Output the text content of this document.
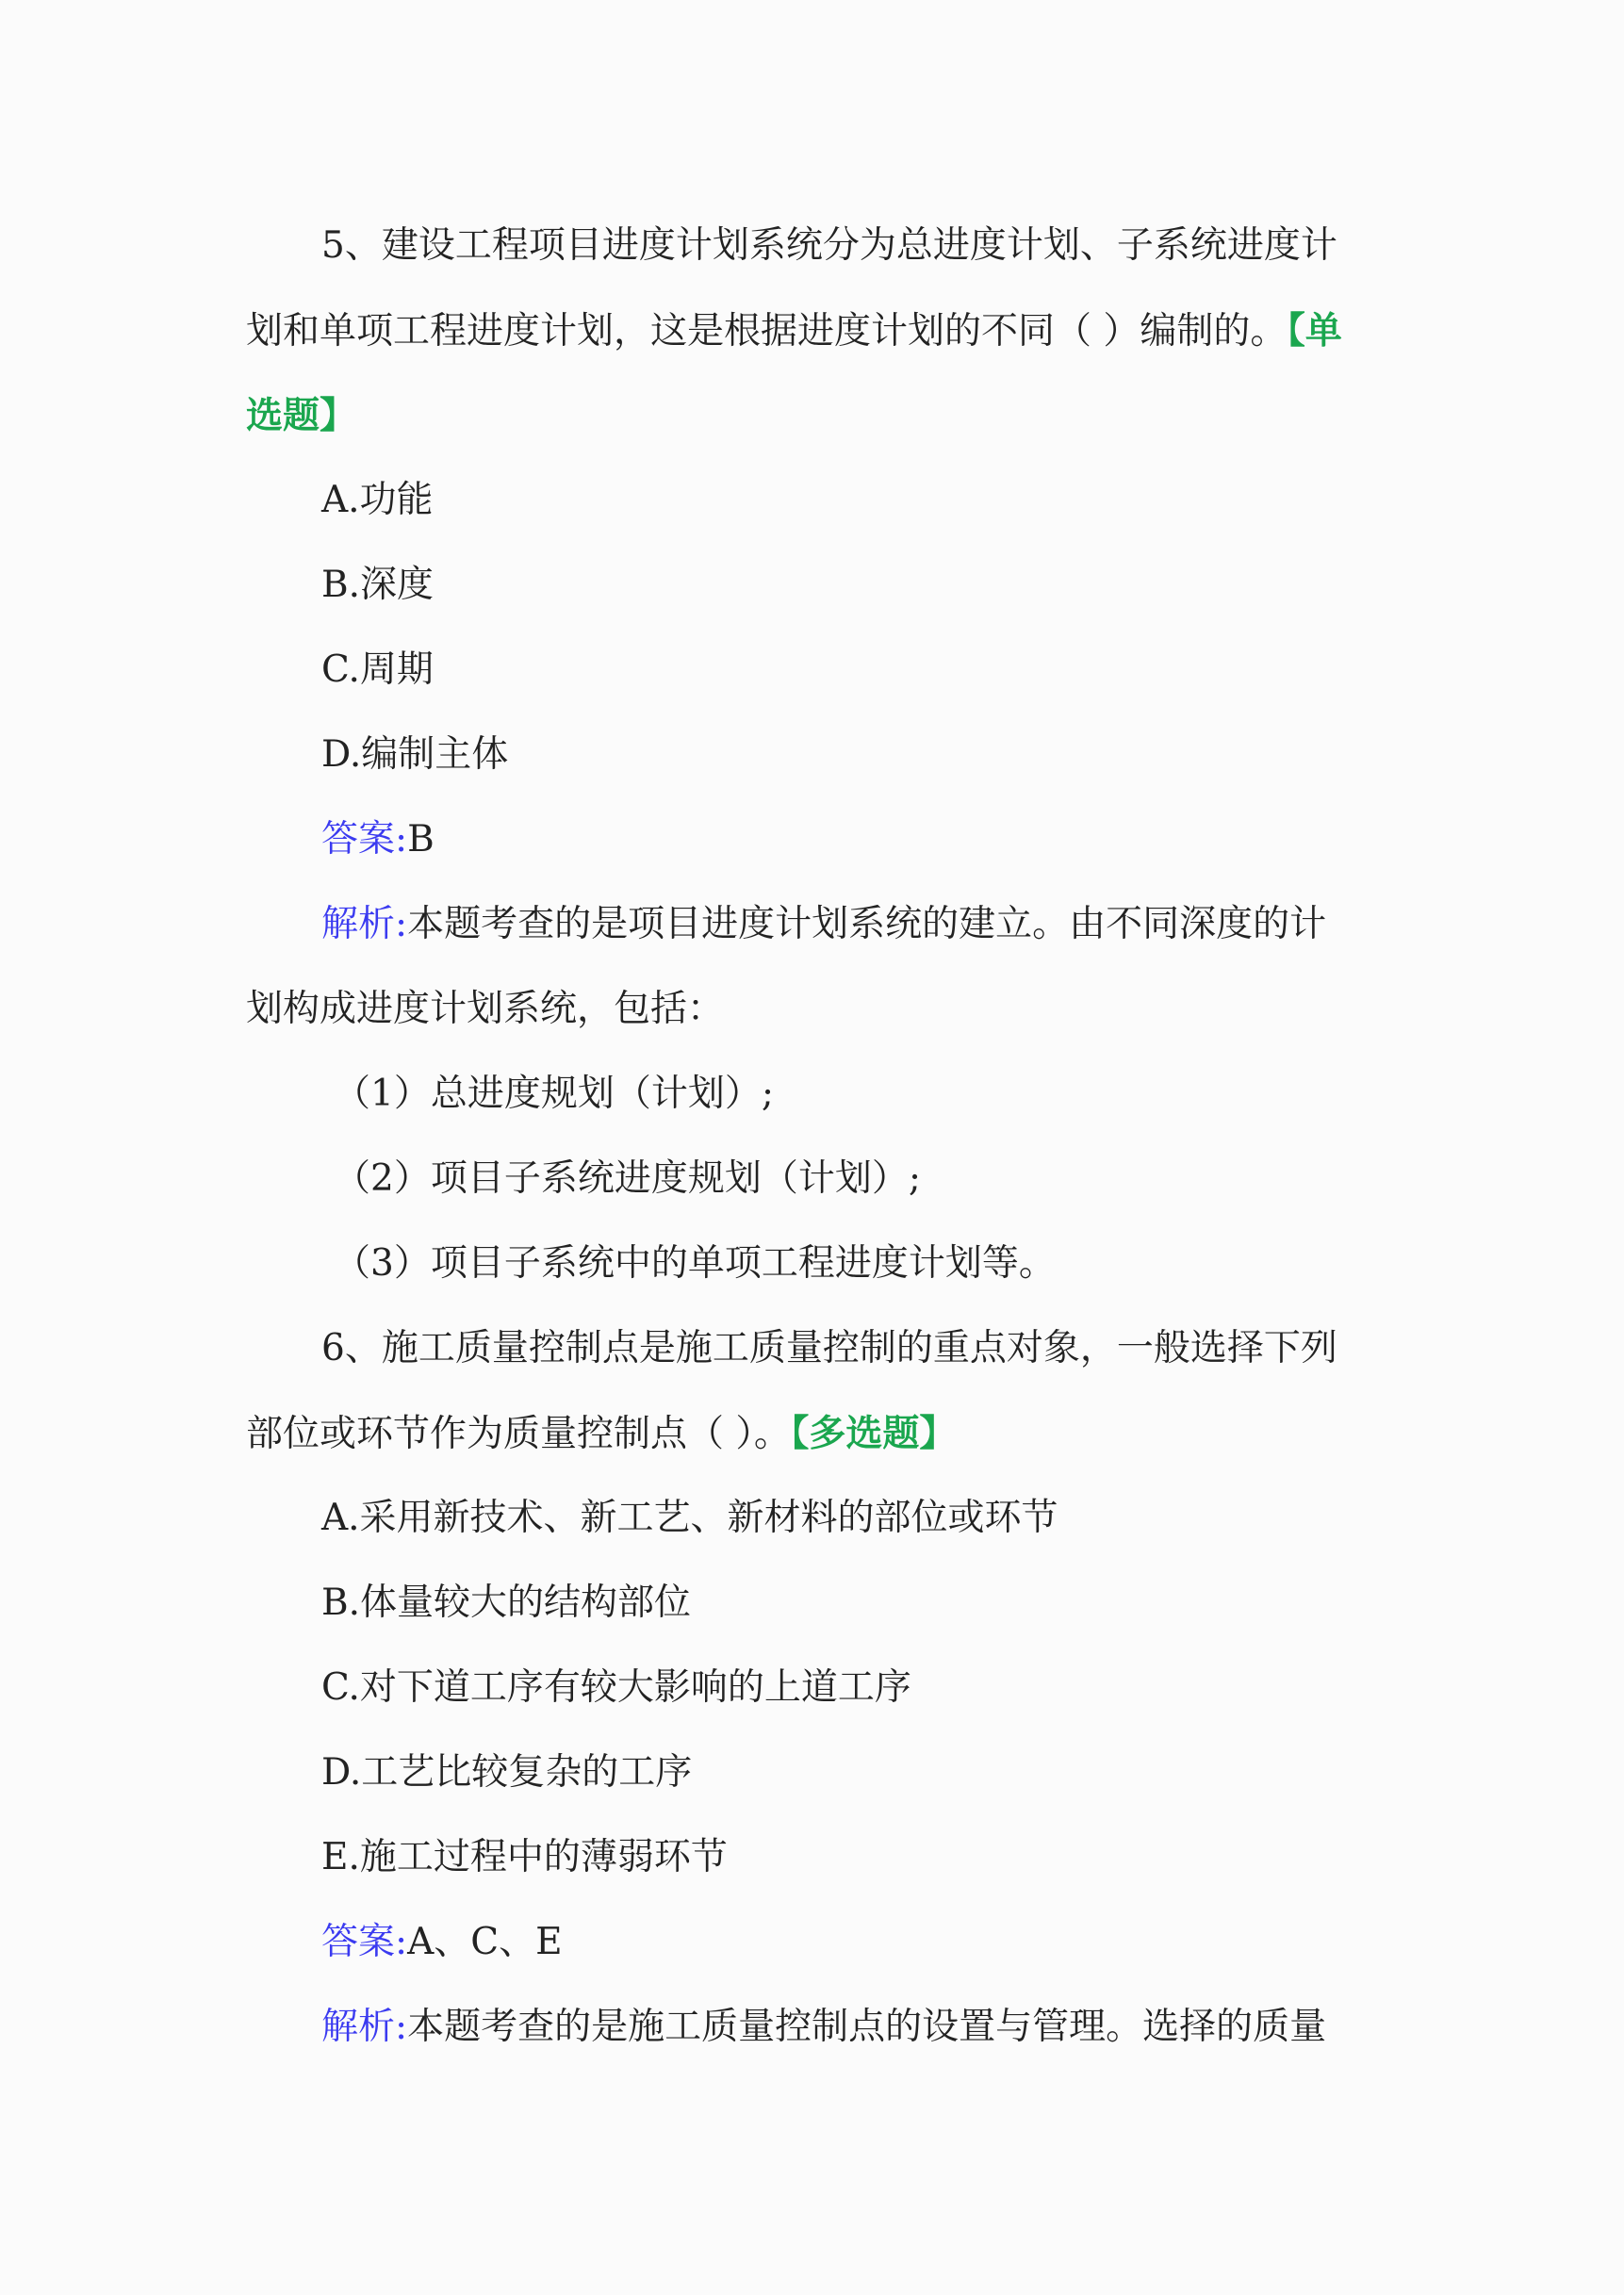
5、建设工程项目进度计划系统分为总进度计划、子系统进度计
划和单项工程进度计划，这是根据进度计划的不同（ ）编制的。【单
选题】
A.功能
B.深度
C.周期
D.编制主体
答案:B
解析:本题考查的是项目进度计划系统的建立。由不同深度的计
划构成进度计划系统，包括：
（1）总进度规划（计划）;
（2）项目子系统进度规划（计划）;
（3）项目子系统中的单项工程进度计划等。
6、施工质量控制点是施工质量控制的重点对象，一般选择下列
部位或环节作为质量控制点（ ）。【多选题】
A.采用新技术、新工艺、新材料的部位或环节
B.体量较大的结构部位
C.对下道工序有较大影响的上道工序
D.工艺比较复杂的工序
E.施工过程中的薄弱环节
答案:A、C、E
解析:本题考查的是施工质量控制点的设置与管理。选择的质量
